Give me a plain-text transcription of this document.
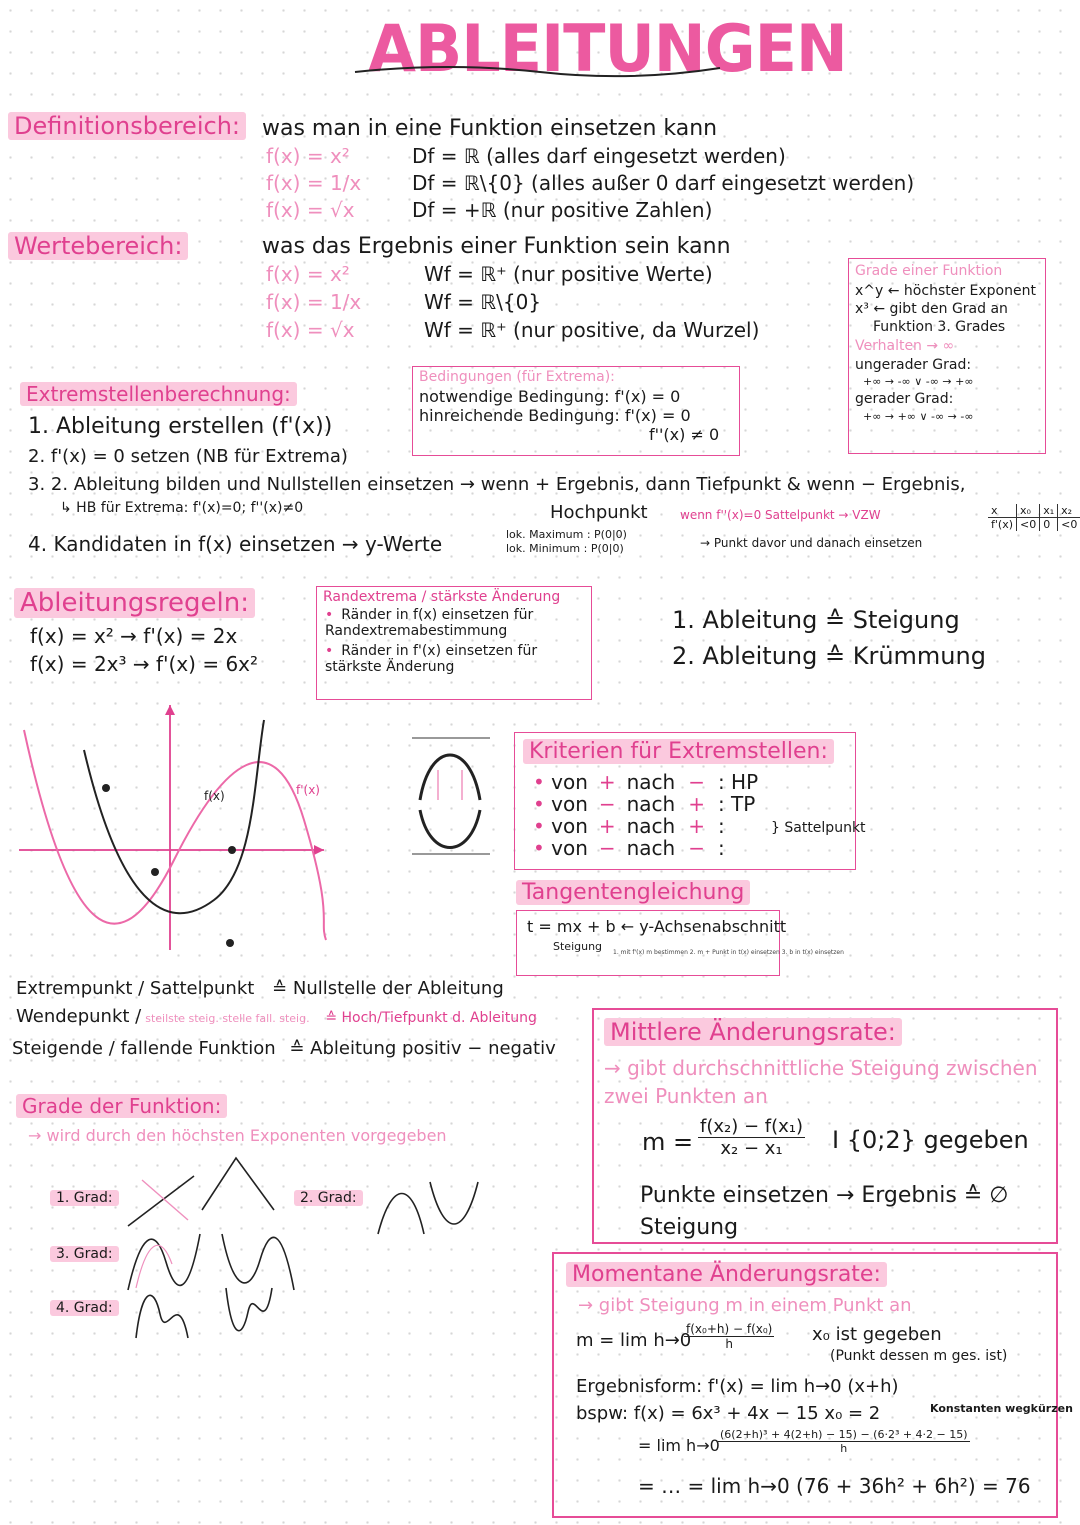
ABLEITUNGEN
Definitionsbereich: was man in eine Funktion einsetzen kann
f(x) = x²	Df = ℝ (alles darf eingesetzt werden)
f(x) = 1/x	Df = ℝ\{0} (alles außer 0 darf eingesetzt werden)
f(x) = √x	Df = +ℝ (nur positive Zahlen)
Wertebereich:	was das Ergebnis einer Funktion sein kann
f(x) = x²	Wf = ℝ⁺ (nur positive Werte)
f(x) = 1/x	Wf = ℝ\{0}
f(x) = √x	Wf = ℝ⁺ (nur positive, da Wurzel)
Grade einer Funktion
x^y ← höchster Exponent
x³ ← gibt den Grad an
Funktion 3. Grades
Verhalten → ∞
ungerader Grad:
+∞ → -∞ ∨ -∞ → +∞
gerader Grad:
+∞ → +∞ ∨ -∞ → -∞
Bedingungen (für Extrema):
notwendige Bedingung: f'(x) = 0
hinreichende Bedingung: f'(x) = 0
f''(x) ≠ 0
Extremstellenberechnung:
1. Ableitung erstellen (f'(x))
2. f'(x) = 0 setzen (NB für Extrema)
3. 2. Ableitung bilden und Nullstellen einsetzen → wenn + Ergebnis, dann Tiefpunkt & wenn − Ergebnis,
↳ HB für Extrema: f'(x)=0; f''(x)≠0	Hochpunkt	wenn f''(x)=0 Sattelpunkt → VZW
→ Punkt davor und danach einsetzen
4. Kandidaten in f(x) einsetzen → y-Werte	lok. Maximum : P(0|0)
lok. Minimum : P(0|0)
x	x₀	x₁	x₂
f'(x)	<0	0	<0
Ableitungsregeln:
f(x) = x² → f'(x) = 2x
f(x) = 2x³ → f'(x) = 6x²
Randextrema / stärkste Änderung
• Ränder in f(x) einsetzen für Randextremabestimmung
• Ränder in f'(x) einsetzen für stärkste Änderung
1. Ableitung ≙ Steigung
2. Ableitung ≙ Krümmung
f(x)	f'(x)
Kriterien für Extremstellen:
• von + nach − : HP
• von − nach + : TP
• von + nach + :
• von − nach − :
} Sattelpunkt
Tangentengleichung
t = mx + b ← y-Achsenabschnitt
Steigung	1. mit f'(x) m bestimmen 2. m + Punkt in t(x) einsetzen 3. b in t(x) einsetzen
Extrempunkt / Sattelpunkt ≙ Nullstelle der Ableitung
Wendepunkt / steilste steig. stelle fall. steig. ≙ Hoch/Tiefpunkt d. Ableitung
Steigende / fallende Funktion ≙ Ableitung positiv − negativ
Grade der Funktion:
→ wird durch den höchsten Exponenten vorgegeben
1. Grad:	2. Grad:
3. Grad:
4. Grad:
Mittlere Änderungsrate:
→ gibt durchschnittliche Steigung zwischen zwei Punkten an
m =
f(x₂) − f(x₁)
x₂ − x₁	I {0;2} gegeben
Punkte einsetzen → Ergebnis ≙ ∅ Steigung
Momentane Änderungsrate:
→ gibt Steigung m in einem Punkt an
m = lim h→0
f(x₀+h) − f(x₀)
h	x₀ ist gegeben
(Punkt dessen m ges. ist)
Ergebnisform: f'(x) = lim h→0 (x+h)
bspw: f(x) = 6x³ + 4x − 15 x₀ = 2	Konstanten wegkürzen
= lim h→0
(6(2+h)³ + 4(2+h) − 15) − (6·2³ + 4·2 − 15)
h
= … = lim h→0 (76 + 36h² + 6h²) = 76
